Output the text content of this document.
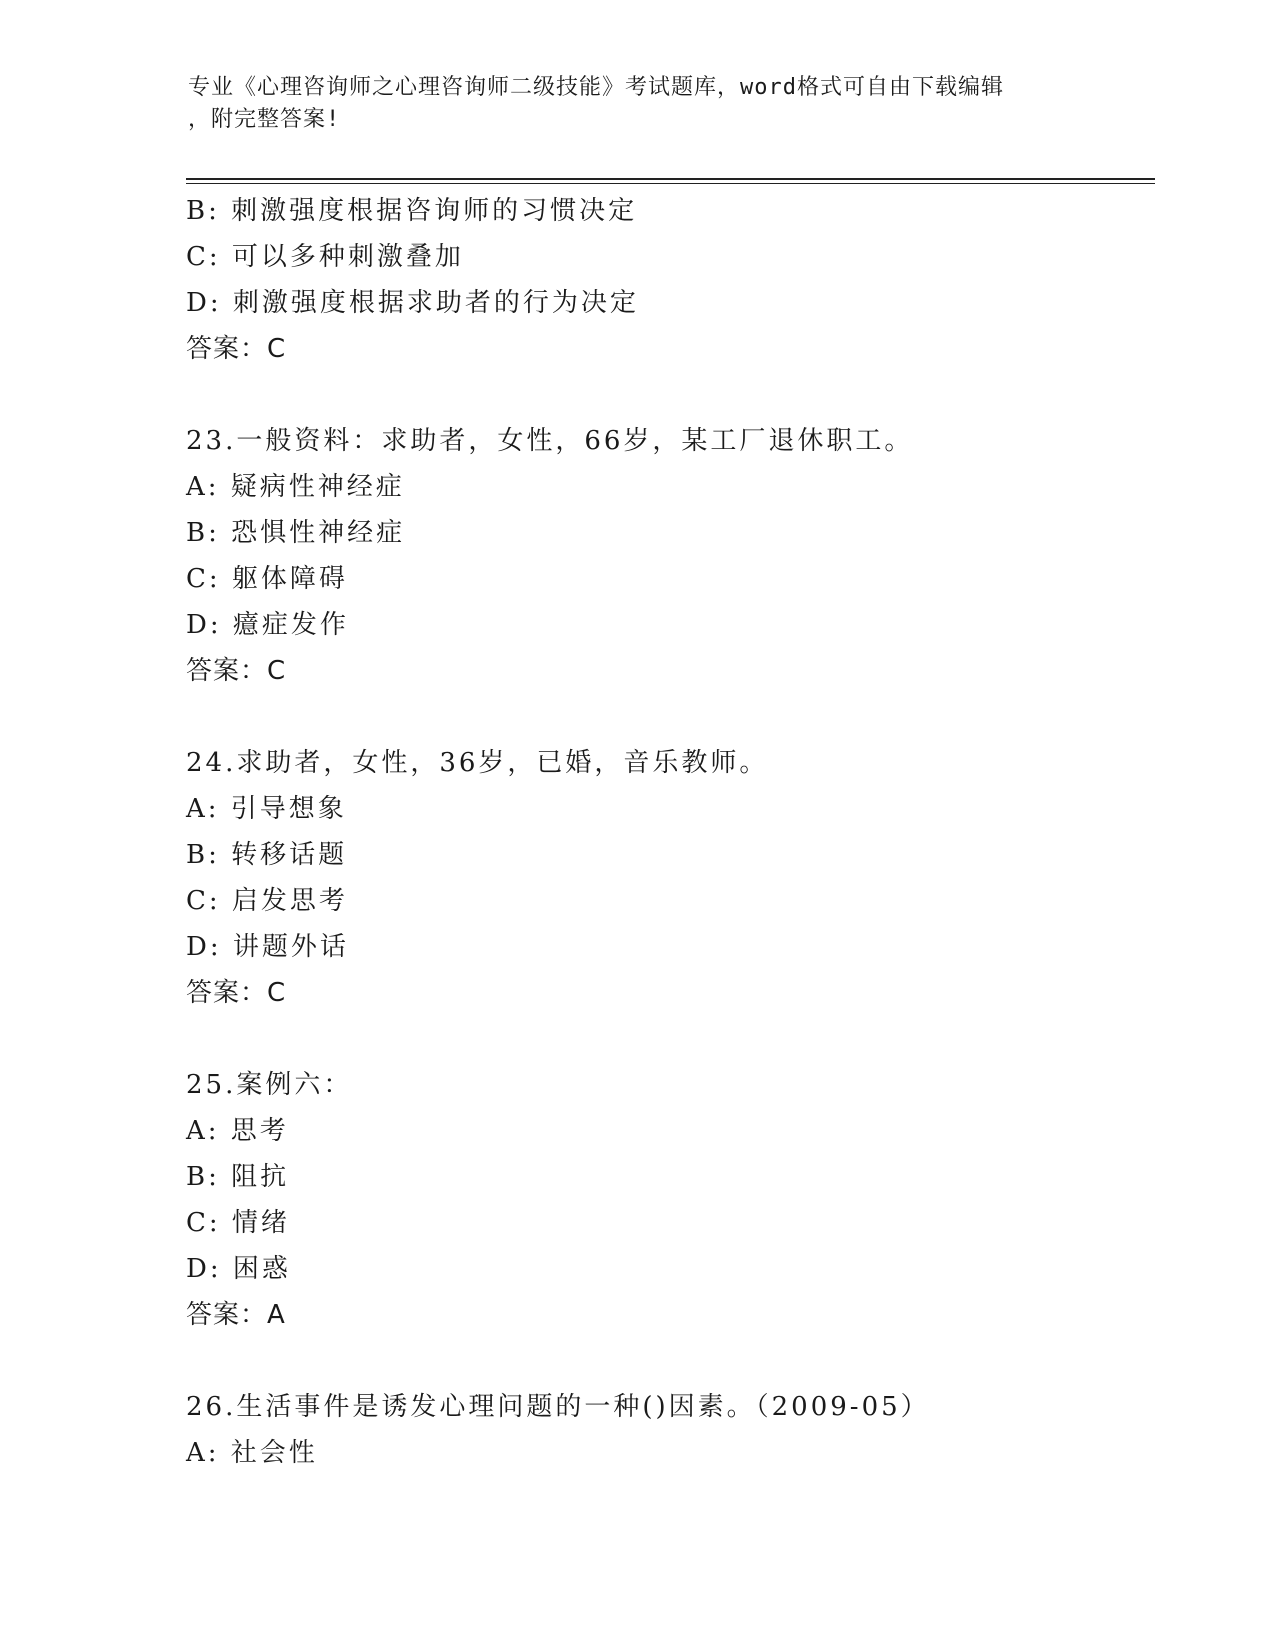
专业《心理咨询师之心理咨询师二级技能》考试题库，word格式可自由下载编辑
，附完整答案!
B: 刺激强度根据咨询师的习惯决定
C: 可以多种刺激叠加
D: 刺激强度根据求助者的行为决定
答案：C
23.一般资料：求助者，女性，66岁，某工厂退休职工。
A: 疑病性神经症
B: 恐惧性神经症
C: 躯体障碍
D: 癔症发作
答案：C
24.求助者，女性，36岁，已婚，音乐教师。
A: 引导想象
B: 转移话题
C: 启发思考
D: 讲题外话
答案：C
25.案例六：
A: 思考
B: 阻抗
C: 情绪
D: 困惑
答案：A
26.生活事件是诱发心理问题的一种()因素。（2009-05）
A: 社会性
